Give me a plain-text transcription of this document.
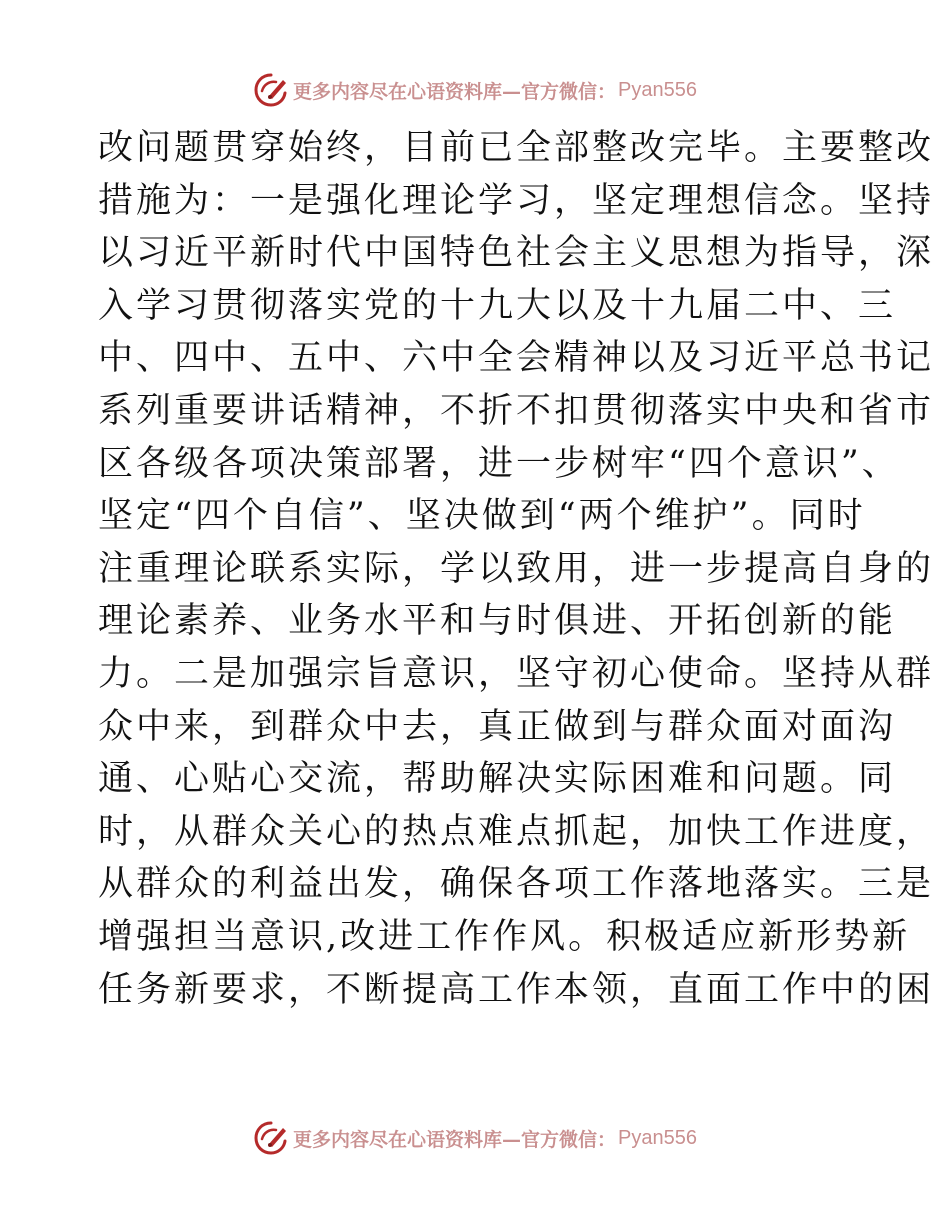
更多内容尽在心语资料库—官方微信： Pyan556
改问题贯穿始终，目前已全部整改完毕。主要整改
措施为：一是强化理论学习，坚定理想信念。坚持
以习近平新时代中国特色社会主义思想为指导，深
入学习贯彻落实党的十九大以及十九届二中、三
中、四中、五中、六中全会精神以及习近平总书记
系列重要讲话精神，不折不扣贯彻落实中央和省市
区各级各项决策部署，进一步树牢“四个意识”、
坚定“四个自信”、坚决做到“两个维护”。同时
注重理论联系实际，学以致用，进一步提高自身的
理论素养、业务水平和与时俱进、开拓创新的能
力。二是加强宗旨意识，坚守初心使命。坚持从群
众中来，到群众中去，真正做到与群众面对面沟
通、心贴心交流，帮助解决实际困难和问题。同
时，从群众关心的热点难点抓起，加快工作进度，
从群众的利益出发，确保各项工作落地落实。三是
增强担当意识,改进工作作风。积极适应新形势新
任务新要求，不断提高工作本领，直面工作中的困
更多内容尽在心语资料库—官方微信： Pyan556
